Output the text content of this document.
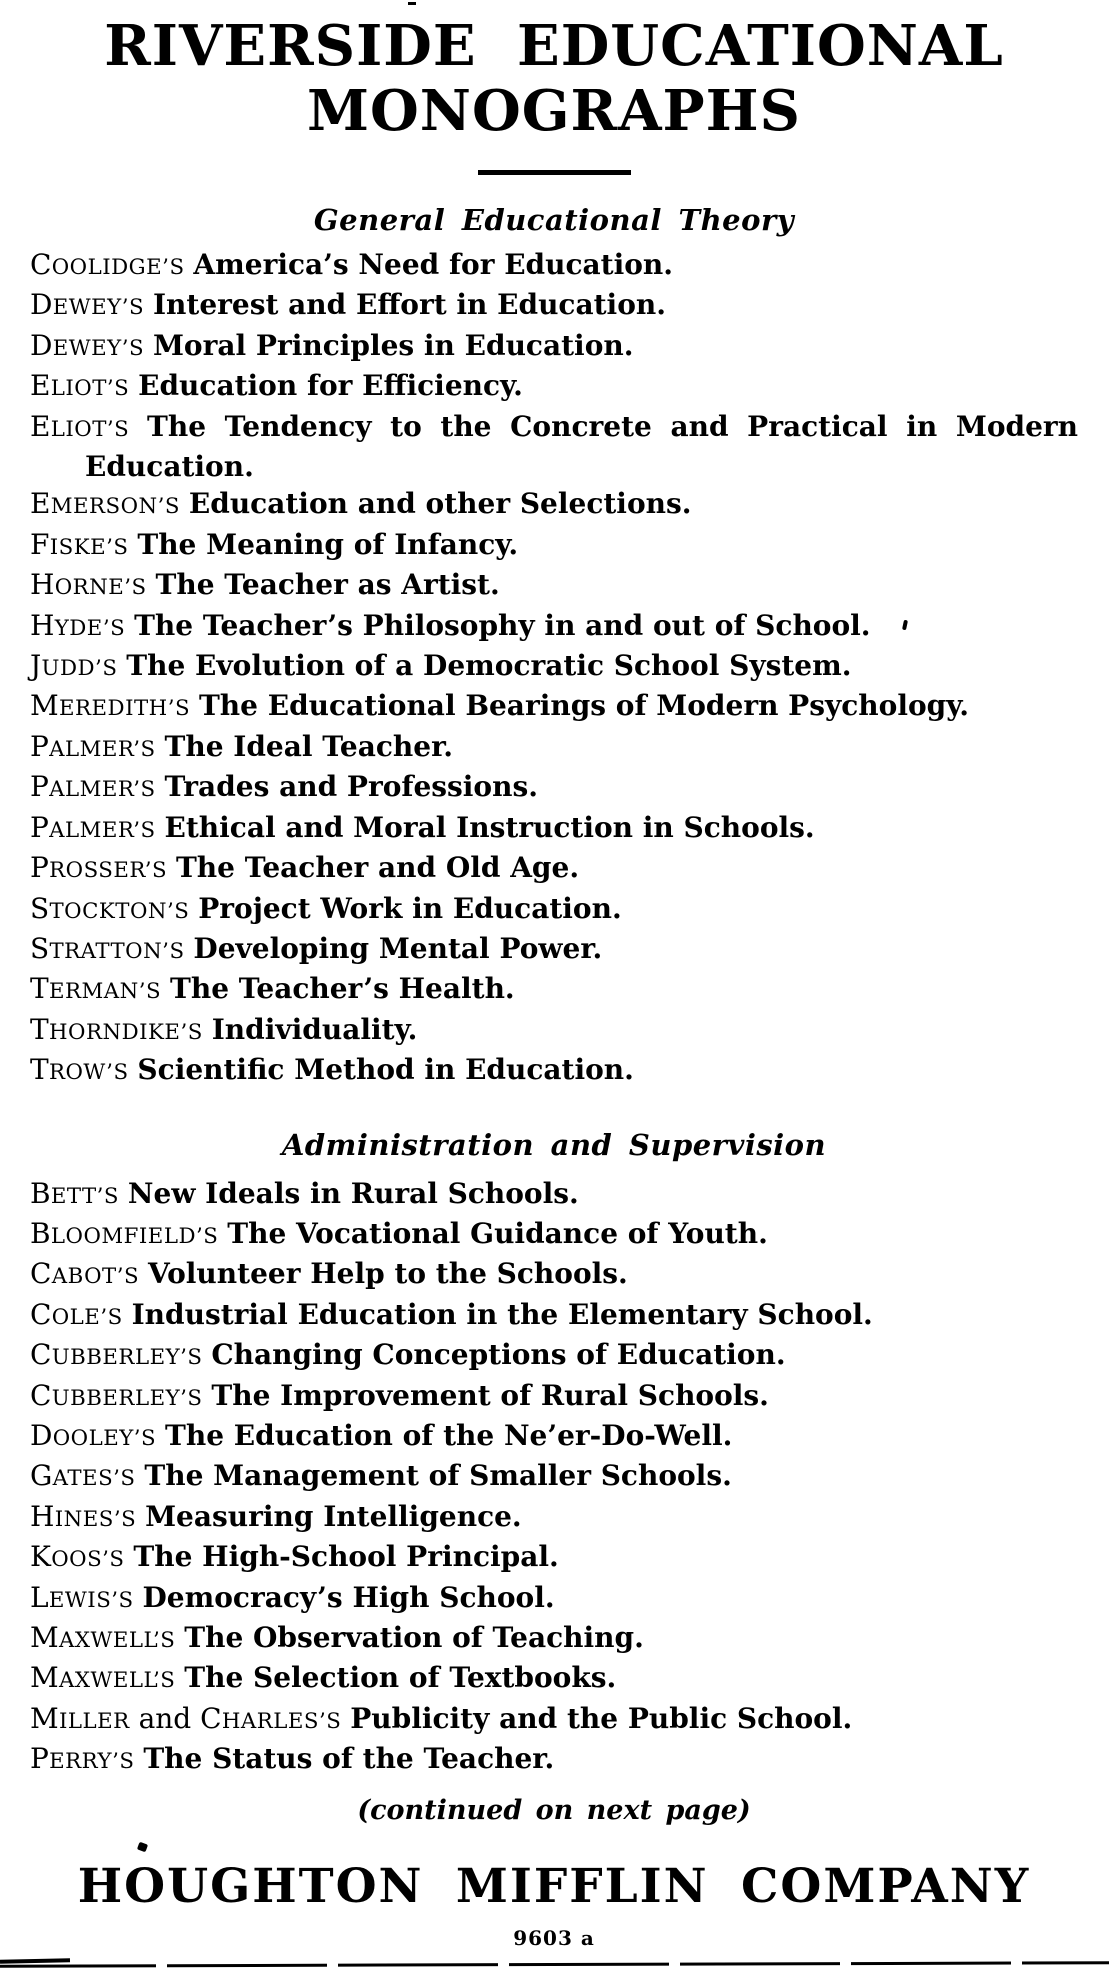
RIVERSIDE EDUCATIONAL
MONOGRAPHS
General Educational Theory

COOLIDGE’S America’s Need for Education.

DEWEY’S Interest and Effort in Education.

DEWEY’S Moral Principles in Education.

ELIOT’S Education for Efficiency.

ELIOT’S The Tendency to the Concrete and Practical in Modern Education.

EMERSON’S Education and other Selections.

FISKE’S The Meaning of Infancy.

HORNE’S The Teacher as Artist.

HYDE’S The Teacher’s Philosophy in and out of School.

JUDD’S The Evolution of a Democratic School System.

MEREDITH’S The Educational Bearings of Modern Psychology.

PALMER’S The Ideal Teacher.

PALMER’S Trades and Professions.

PALMER’S Ethical and Moral Instruction in Schools.

PROSSER’S The Teacher and Old Age.

STOCKTON’S Project Work in Education.

STRATTON’S Developing Mental Power.

TERMAN’S The Teacher’s Health.

THORNDIKE’S Individuality.

TROW’S Scientific Method in Education.

Administration and Supervision

BETT’S New Ideals in Rural Schools.

BLOOMFIELD’S The Vocational Guidance of Youth.

CABOT’S Volunteer Help to the Schools.

COLE’S Industrial Education in the Elementary School.

CUBBERLEY’S Changing Conceptions of Education.

CUBBERLEY’S The Improvement of Rural Schools.

DOOLEY’S The Education of the Ne’er-Do-Well.

GATES’S The Management of Smaller Schools.

HINES’S Measuring Intelligence.

KOOS’S The High-School Principal.

LEWIS’S Democracy’s High School.

MAXWELL’S The Observation of Teaching.

MAXWELL’S The Selection of Textbooks.

MILLER and CHARLES’S Publicity and the Public School.

PERRY’S The Status of the Teacher.

(continued on next page)

HOUGHTON MIFFLIN COMPANY

9603 a
